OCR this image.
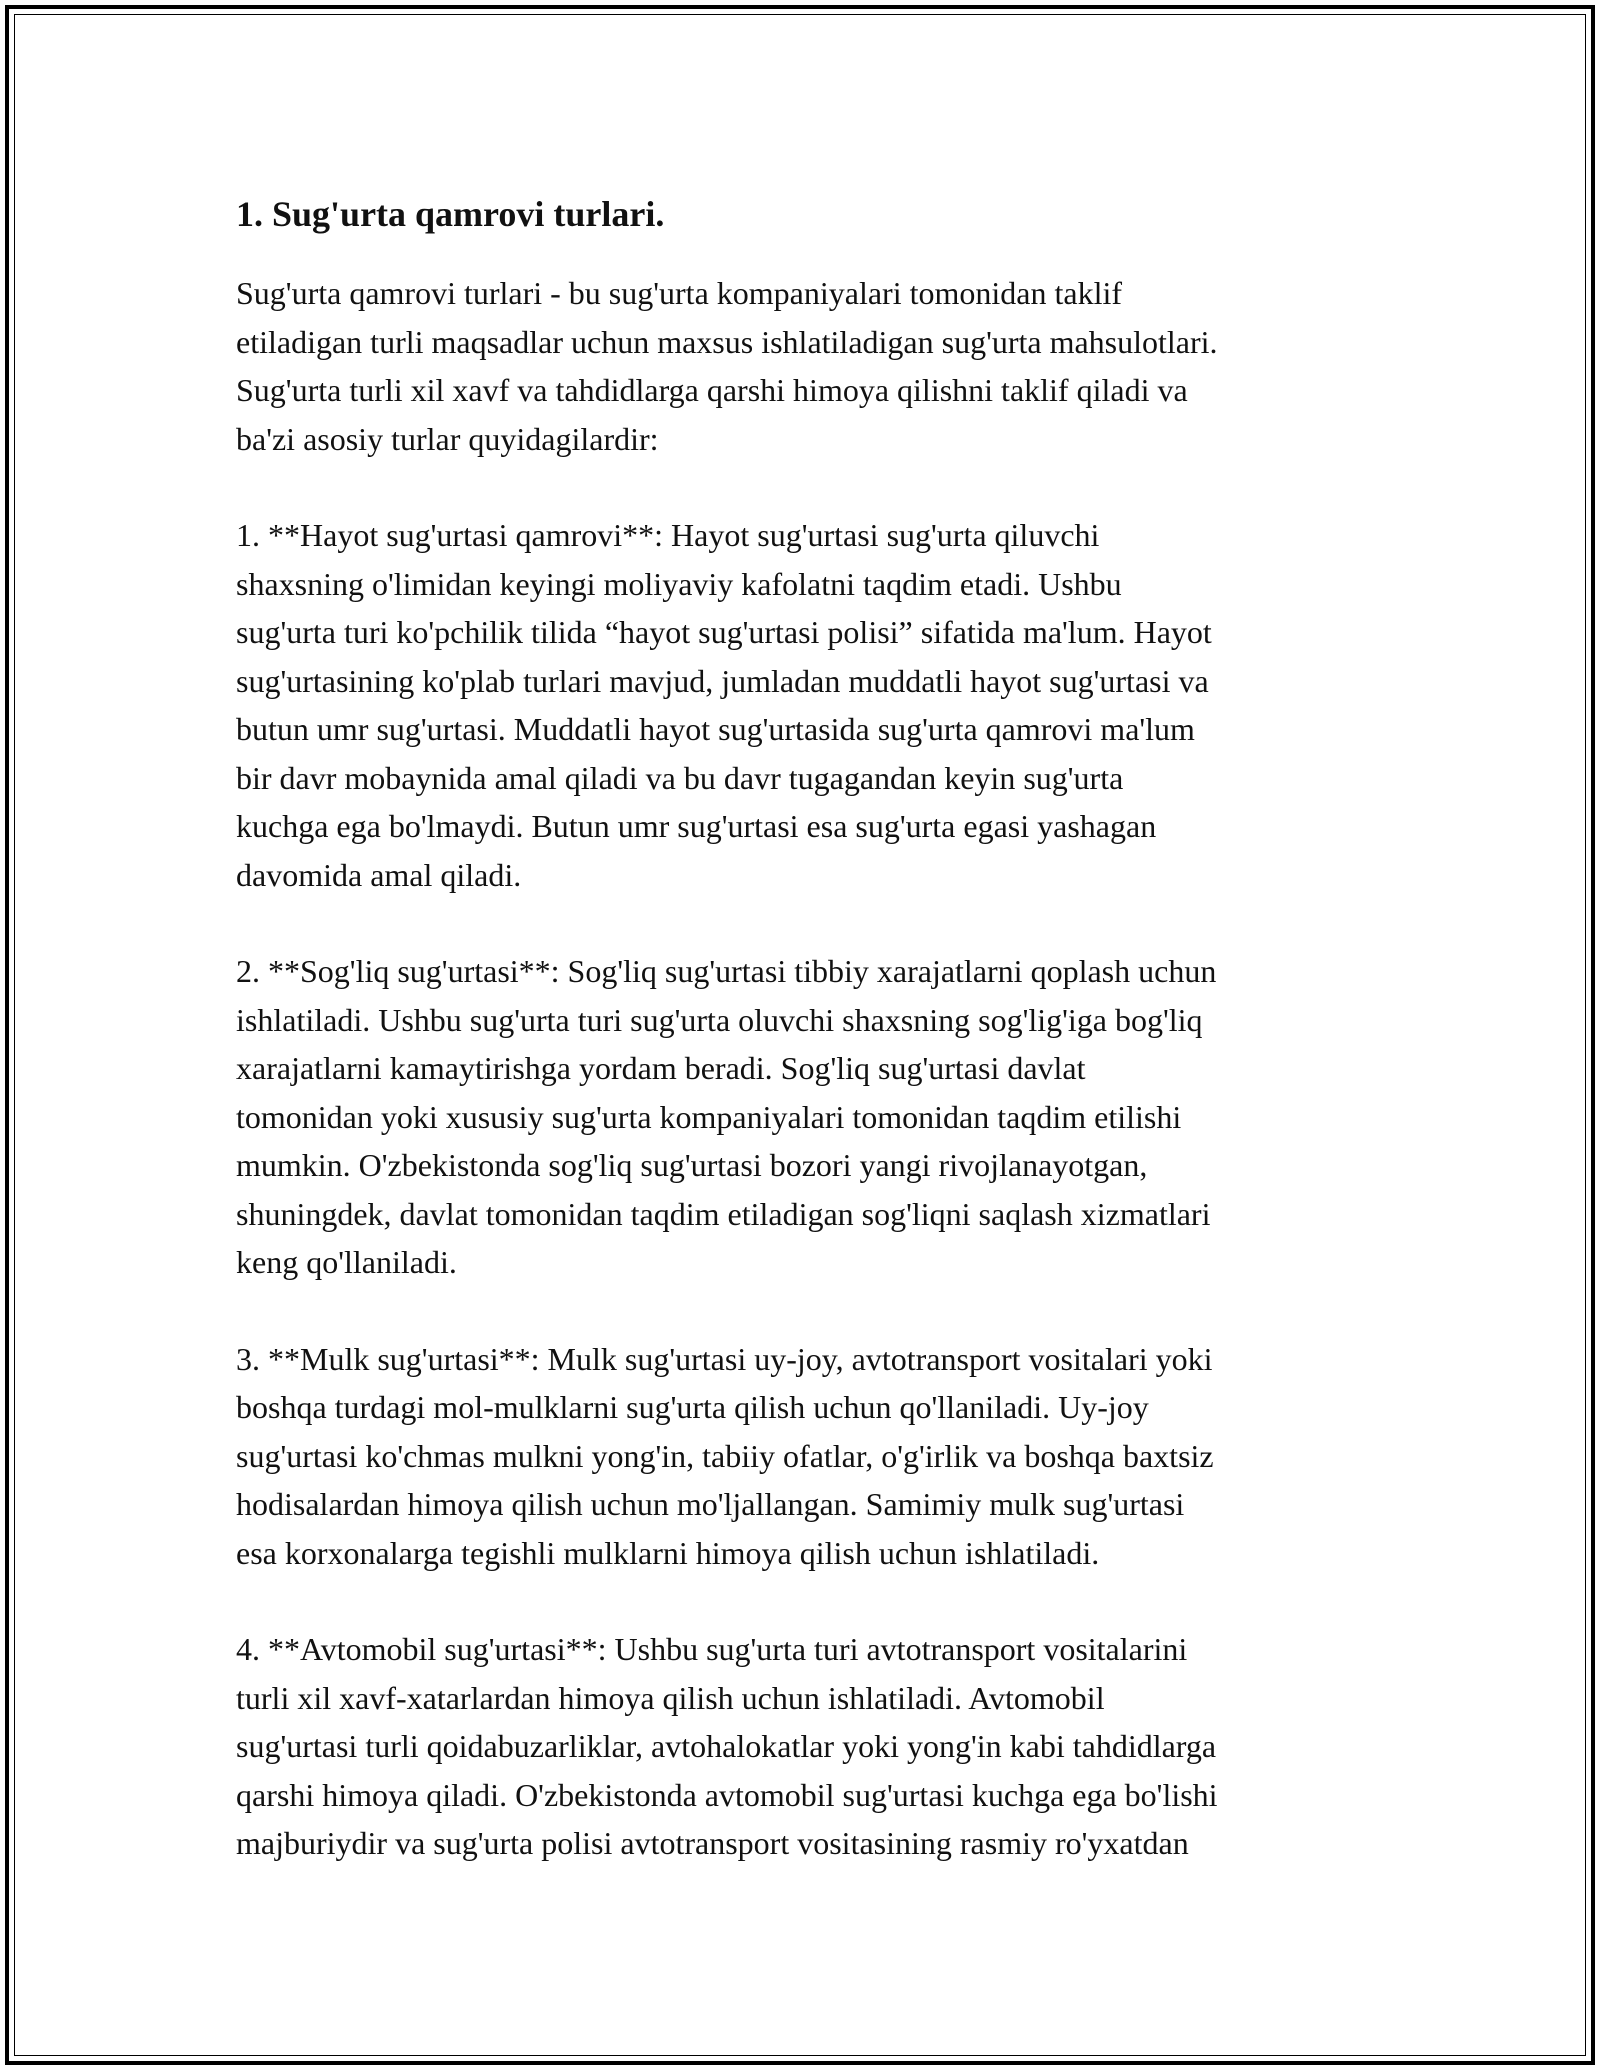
1. Sug'urta qamrovi turlari.

Sug'urta qamrovi turlari - bu sug'urta kompaniyalari tomonidan taklif
etiladigan turli maqsadlar uchun maxsus ishlatiladigan sug'urta mahsulotlari.
Sug'urta turli xil xavf va tahdidlarga qarshi himoya qilishni taklif qiladi va
ba'zi asosiy turlar quyidagilardir:

1. **Hayot sug'urtasi qamrovi**: Hayot sug'urtasi sug'urta qiluvchi
shaxsning o'limidan keyingi moliyaviy kafolatni taqdim etadi. Ushbu
sug'urta turi ko'pchilik tilida “hayot sug'urtasi polisi” sifatida ma'lum. Hayot
sug'urtasining ko'plab turlari mavjud, jumladan muddatli hayot sug'urtasi va
butun umr sug'urtasi. Muddatli hayot sug'urtasida sug'urta qamrovi ma'lum
bir davr mobaynida amal qiladi va bu davr tugagandan keyin sug'urta
kuchga ega bo'lmaydi. Butun umr sug'urtasi esa sug'urta egasi yashagan
davomida amal qiladi.

2. **Sog'liq sug'urtasi**: Sog'liq sug'urtasi tibbiy xarajatlarni qoplash uchun
ishlatiladi. Ushbu sug'urta turi sug'urta oluvchi shaxsning sog'lig'iga bog'liq
xarajatlarni kamaytirishga yordam beradi. Sog'liq sug'urtasi davlat
tomonidan yoki xususiy sug'urta kompaniyalari tomonidan taqdim etilishi
mumkin. O'zbekistonda sog'liq sug'urtasi bozori yangi rivojlanayotgan,
shuningdek, davlat tomonidan taqdim etiladigan sog'liqni saqlash xizmatlari
keng qo'llaniladi.

3. **Mulk sug'urtasi**: Mulk sug'urtasi uy-joy, avtotransport vositalari yoki
boshqa turdagi mol-mulklarni sug'urta qilish uchun qo'llaniladi. Uy-joy
sug'urtasi ko'chmas mulkni yong'in, tabiiy ofatlar, o'g'irlik va boshqa baxtsiz
hodisalardan himoya qilish uchun mo'ljallangan. Samimiy mulk sug'urtasi
esa korxonalarga tegishli mulklarni himoya qilish uchun ishlatiladi.

4. **Avtomobil sug'urtasi**: Ushbu sug'urta turi avtotransport vositalarini
turli xil xavf-xatarlardan himoya qilish uchun ishlatiladi. Avtomobil
sug'urtasi turli qoidabuzarliklar, avtohalokatlar yoki yong'in kabi tahdidlarga
qarshi himoya qiladi. O'zbekistonda avtomobil sug'urtasi kuchga ega bo'lishi
majburiydir va sug'urta polisi avtotransport vositasining rasmiy ro'yxatdan
